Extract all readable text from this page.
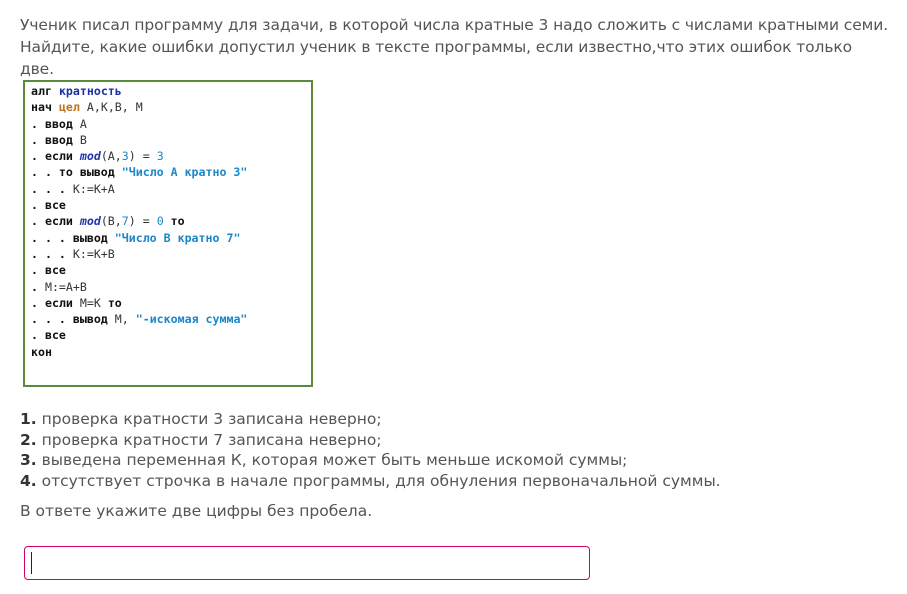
Ученик писал программу для задачи, в которой числа кратные 3 надо сложить с числами кратными семи. Найдите, какие ошибки допустил ученик в тексте программы, если известно,что этих ошибок только две.

алг кратность
нач цел А,К,В, М
. ввод А
. ввод В
. если mod(А,3) = 3
. . то вывод "Число А кратно 3"
. . . К:=К+А
. все
. если mod(В,7) = 0 то
. . . вывод "Число В кратно 7"
. . . К:=К+В
. все
. М:=А+В
. если М=К то
. . . вывод М, "-искомая сумма"
. все
кон
1. проверка кратности 3 записана неверно;
2. проверка кратности 7 записана неверно;
3. выведена переменная К, которая может быть меньше искомой суммы;
4. отсутствует строчка в начале программы, для обнуления первоначальной суммы.

В ответе укажите две цифры без пробела.
